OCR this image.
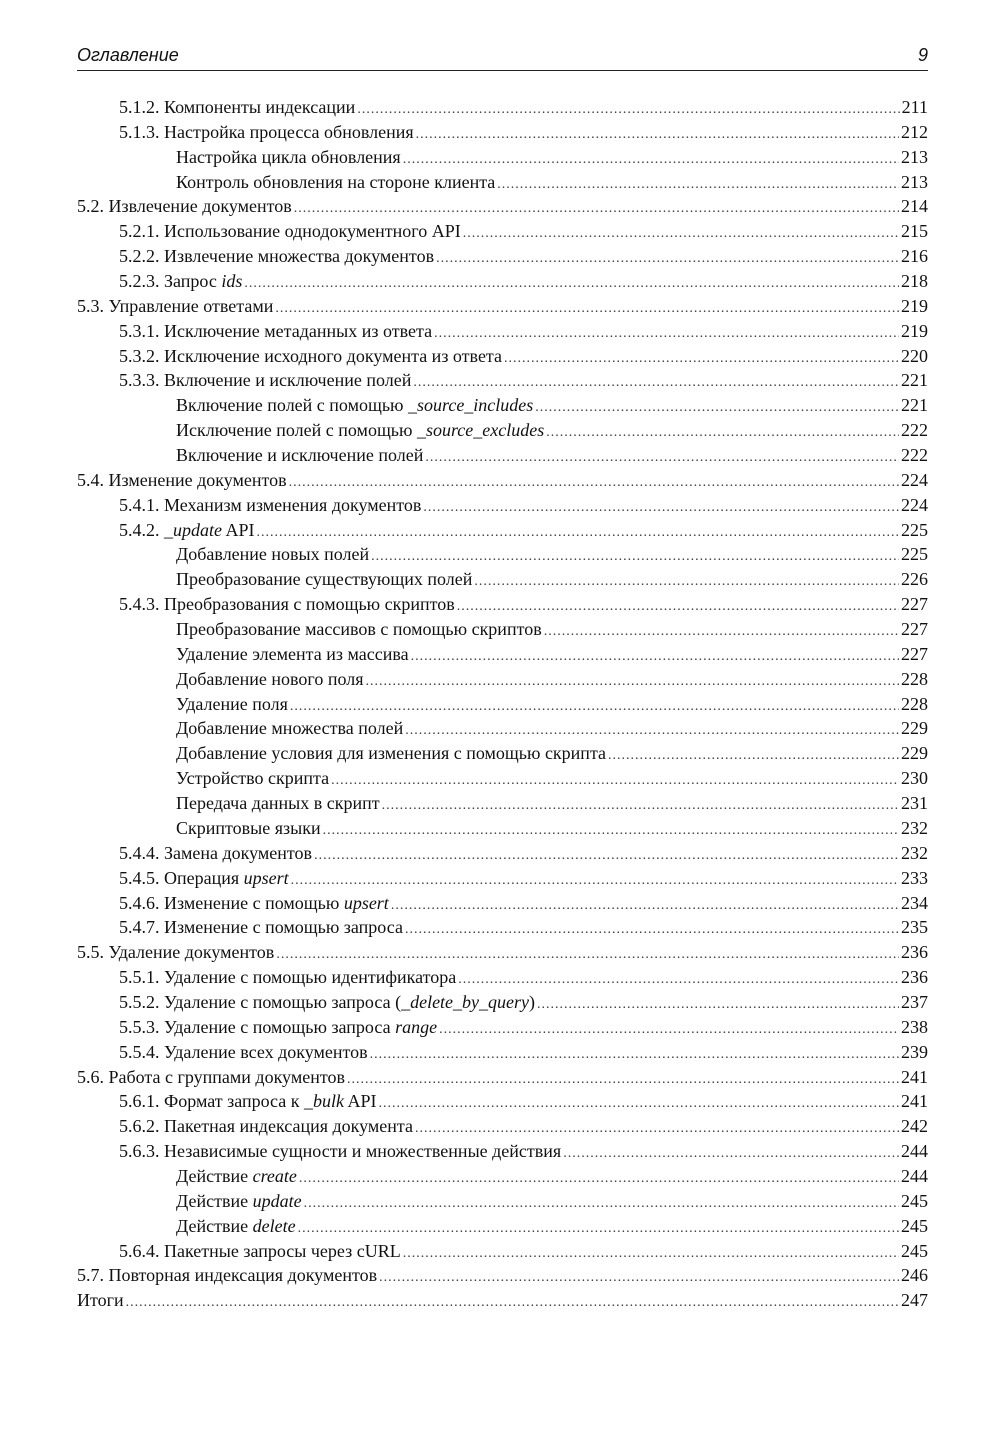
Оглавление	9
5.1.2. Компоненты индексации .....	211
5.1.3. Настройка процесса обновления .....	212
Настройка цикла обновления .....	213
Контроль обновления на стороне клиента .....	213
5.2. Извлечение документов .....	214
5.2.1. Использование однодокументного API .....	215
5.2.2. Извлечение множества документов .....	216
5.2.3. Запрос ids .....	218
5.3. Управление ответами .....	219
5.3.1. Исключение метаданных из ответа .....	219
5.3.2. Исключение исходного документа из ответа .....	220
5.3.3. Включение и исключение полей .....	221
Включение полей с помощью _source_includes .....	221
Исключение полей с помощью _source_excludes .....	222
Включение и исключение полей .....	222
5.4. Изменение документов .....	224
5.4.1. Механизм изменения документов .....	224
5.4.2. _update API .....	225
Добавление новых полей .....	225
Преобразование существующих полей .....	226
5.4.3. Преобразования с помощью скриптов .....	227
Преобразование массивов с помощью скриптов .....	227
Удаление элемента из массива .....	227
Добавление нового поля .....	228
Удаление поля .....	228
Добавление множества полей .....	229
Добавление условия для изменения с помощью скрипта .....	229
Устройство скрипта .....	230
Передача данных в скрипт .....	231
Скриптовые языки .....	232
5.4.4. Замена документов .....	232
5.4.5. Операция upsert .....	233
5.4.6. Изменение с помощью upsert .....	234
5.4.7. Изменение с помощью запроса .....	235
5.5. Удаление документов .....	236
5.5.1. Удаление с помощью идентификатора .....	236
5.5.2. Удаление с помощью запроса (_delete_by_query) .....	237
5.5.3. Удаление с помощью запроса range .....	238
5.5.4. Удаление всех документов .....	239
5.6. Работа с группами документов .....	241
5.6.1. Формат запроса к _bulk API .....	241
5.6.2. Пакетная индексация документа .....	242
5.6.3. Независимые сущности и множественные действия .....	244
Действие create .....	244
Действие update .....	245
Действие delete .....	245
5.6.4. Пакетные запросы через cURL .....	245
5.7. Повторная индексация документов .....	246
Итоги .....	247
